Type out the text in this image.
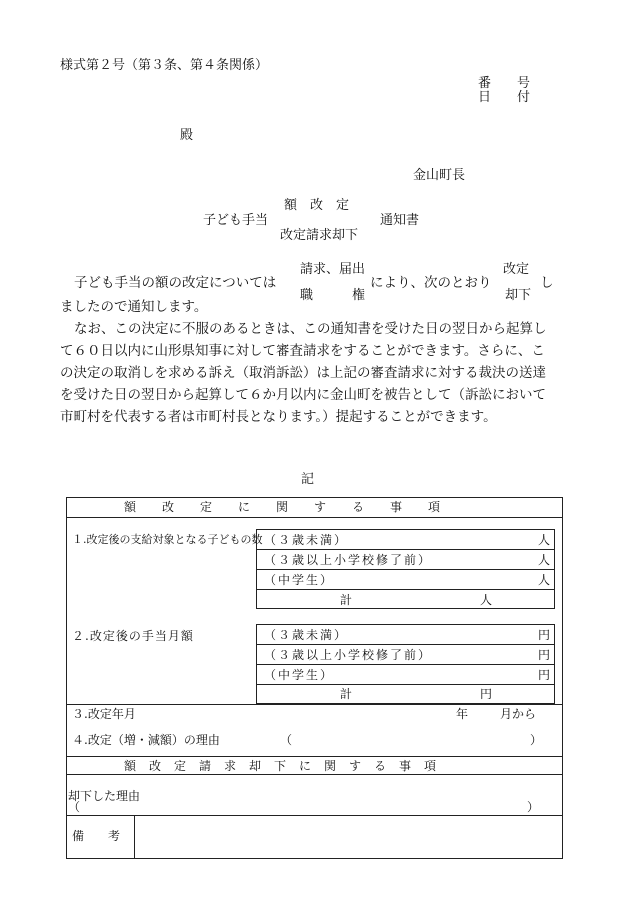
様式第２号（第３条、第４条関係）
番　　号
日　　付
殿
金山町長
額　改　定
子ども手当	通知書
改定請求却下
請求、届出	改定
子ども手当の額の改定については	により、次のとおり	し
職　　　権	却下
ましたので通知します。
なお、この決定に不服のあるときは、この通知書を受けた日の翌日から起算して６０日以内に山形県知事に対して審査請求をすることができます。さらに、この決定の取消しを求める訴え（取消訴訟）は上記の審査請求に対する裁決の送達を受けた日の翌日から起算して６か月以内に金山町を被告として（訴訟において市町村を代表する者は市町村長となります。）提起することができます。
記
額改定に関する事項
１.改定後の支給対象となる子どもの数 （３歳未満）	人
（３歳以上小学校修了前）	人
（中学生）	人
計	人
２.改定後の手当月額	（３歳未満）	円
（３歳以上小学校修了前）	円
（中学生）	円
計	円
３.改定年月	年	月から
４.改定（増・減額）の理由	（	）
額改定請求却下に関する事項
却下した理由
（	）
備　　考
